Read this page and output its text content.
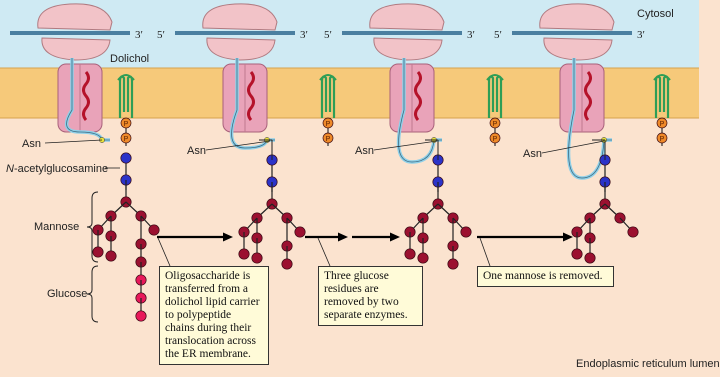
3′
P
P
5′	3′
P
P
5′	3′
P
P
5′	3′
P
P
Cytosol
Dolichol
Endoplasmic reticulum lumen
Asn
Asn	Asn	Asn
N-acetylglucosamine
Mannose
Glucose
Oligosaccharide is transferred from a dolichol lipid carrier to polypeptide chains during their translocation across the ER membrane.
Three glucose residues are removed by two separate enzymes.
One mannose is removed.
